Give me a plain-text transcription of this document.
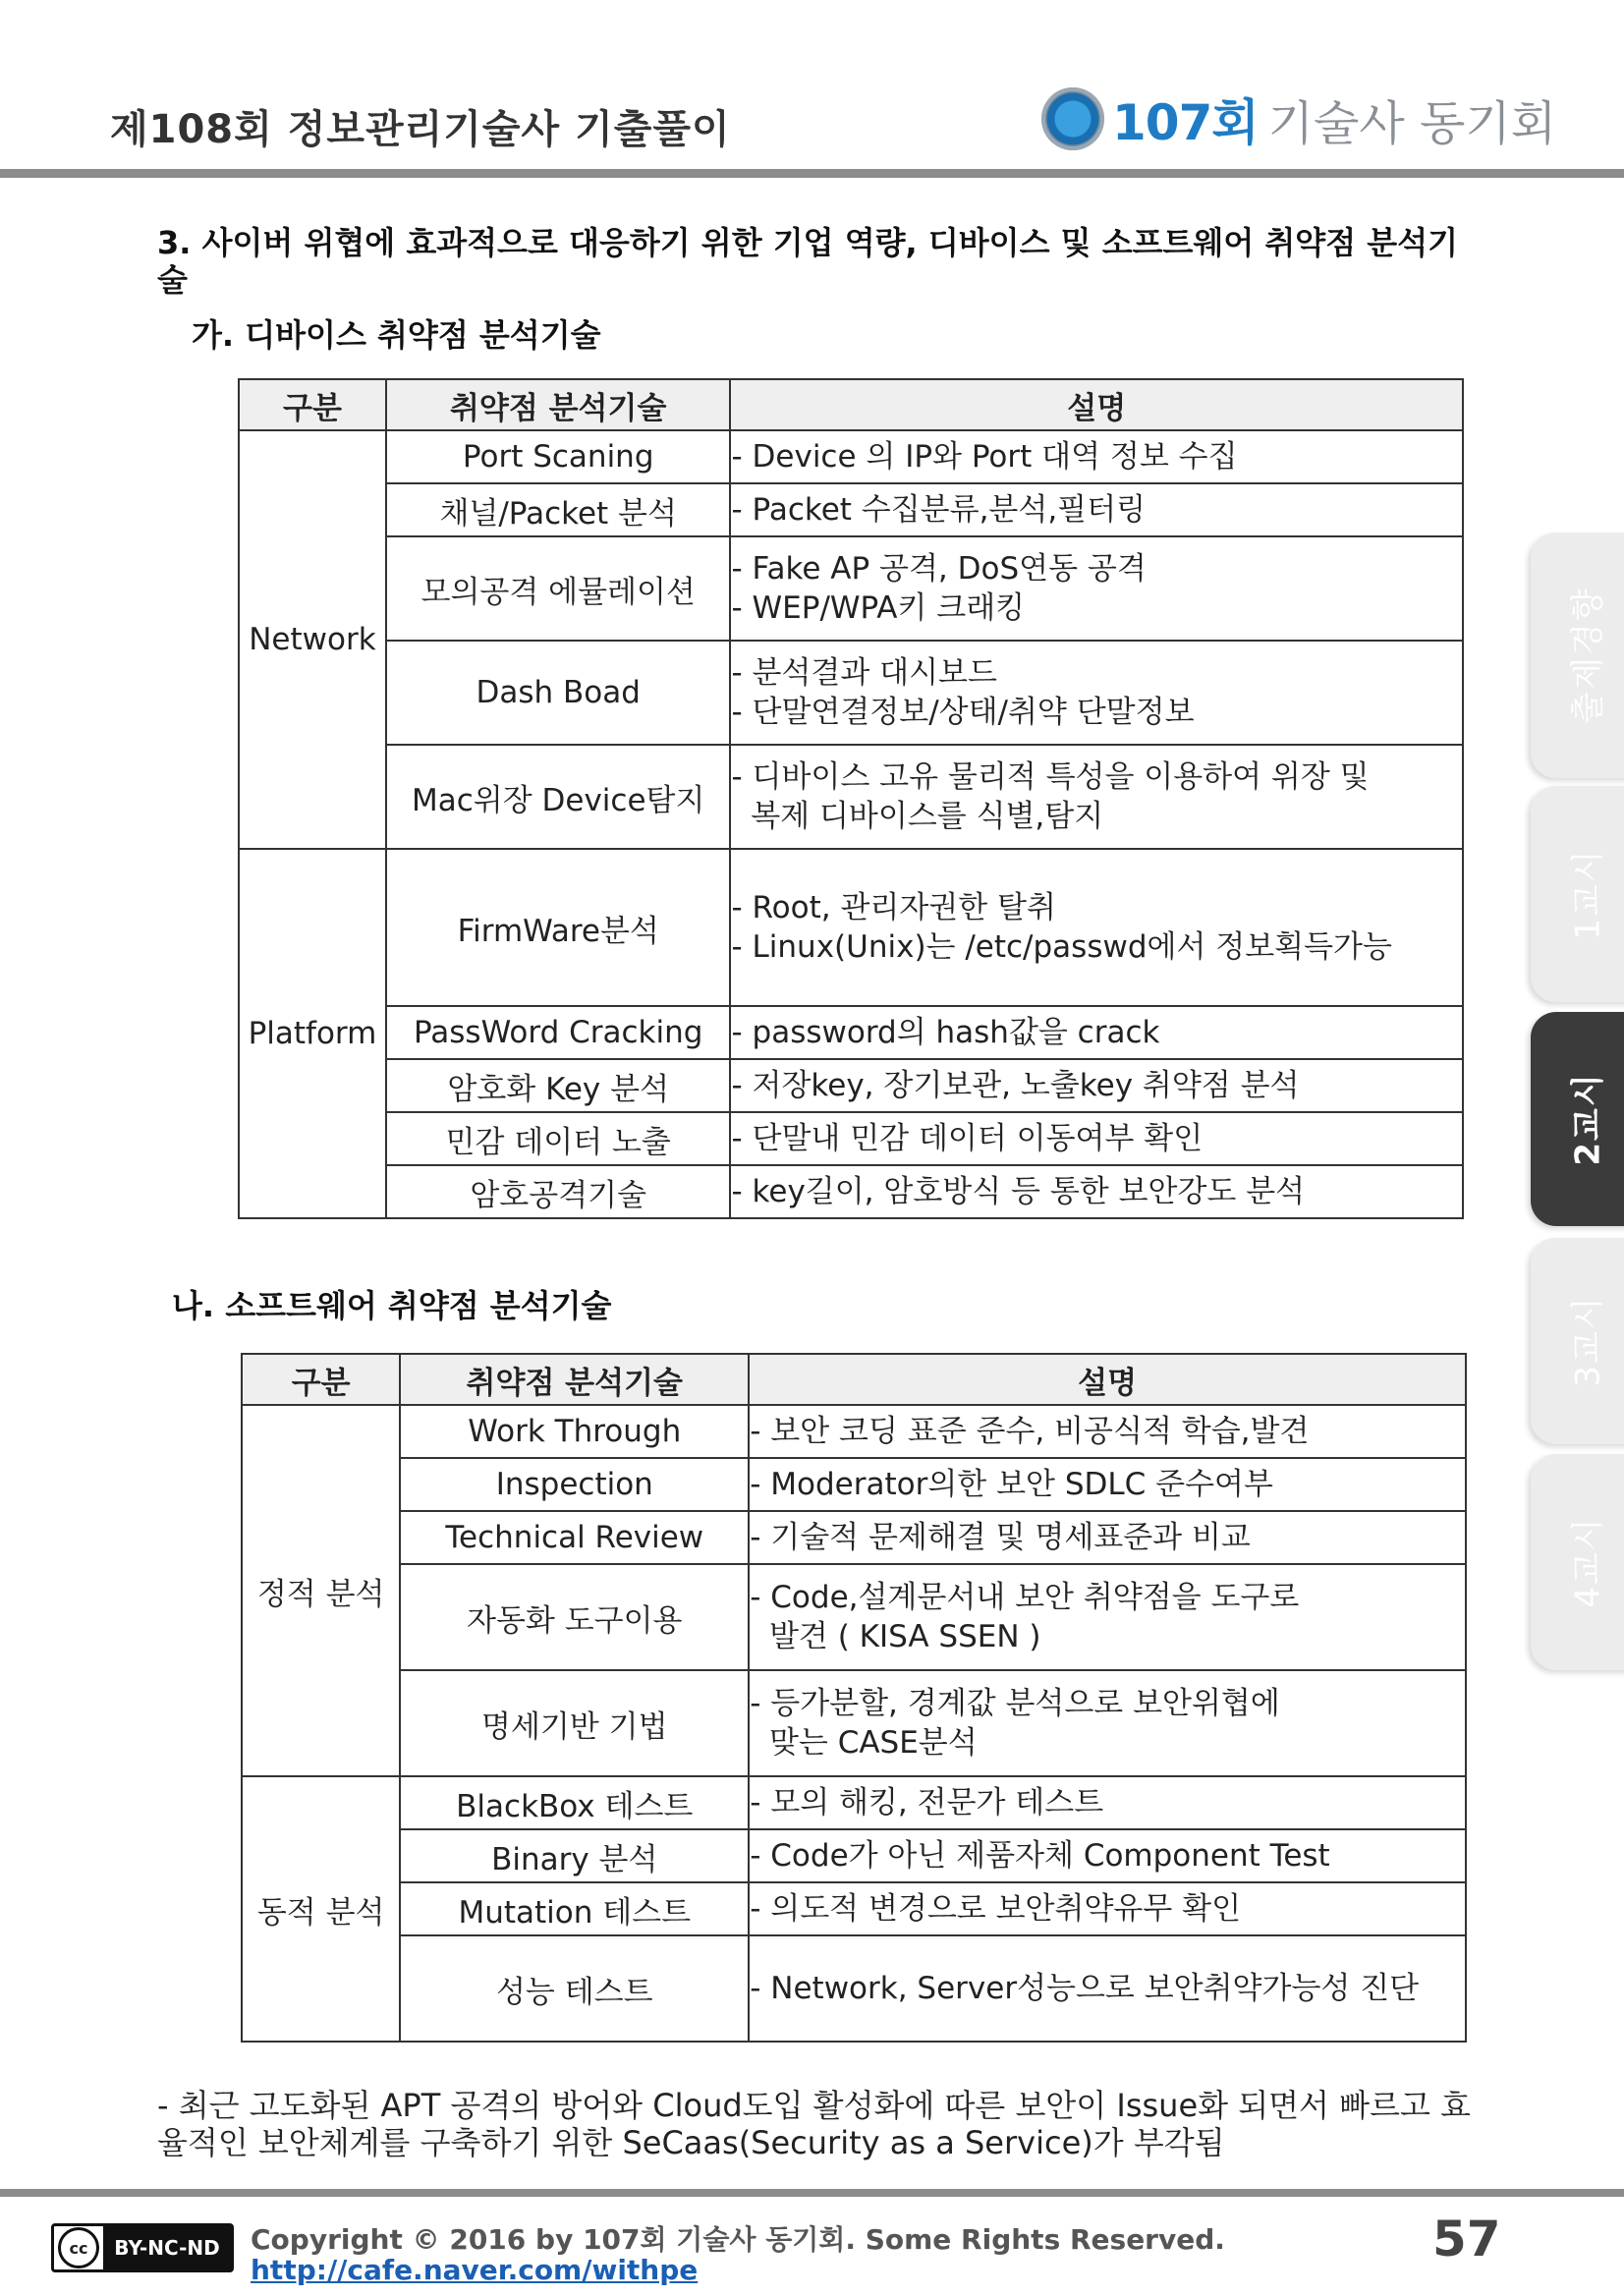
제108회 정보관리기술사 기출풀이	107회 기술사 동기회
3. 사이버 위협에 효과적으로 대응하기 위한 기업 역량, 디바이스 및 소프트웨어 취약점 분석기술
가. 디바이스 취약점 분석기술
구분	취약점 분석기술	설명
Network	Port Scaning	- Device 의 IP와 Port 대역 정보 수집

	채널/Packet 분석	- Packet 수집분류,분석,필터링

	모의공격 에뮬레이션	- Fake AP 공격, DoS연동 공격
- WEP/WPA키 크래킹

	Dash Boad	- 분석결과 대시보드
- 단말연결정보/상태/취약 단말정보

	Mac위장 Device탐지	- 디바이스 고유 물리적 특성을 이용하여 위장 및
복제 디바이스를 식별,탐지

Platform	FirmWare분석	- Root, 관리자권한 탈취
- Linux(Unix)는 /etc/passwd에서 정보획득가능

	PassWord Cracking	- password의 hash값을 crack

	암호화 Key 분석	- 저장key, 장기보관, 노출key 취약점 분석

	민감 데이터 노출	- 단말내 민감 데이터 이동여부 확인

	암호공격기술	- key길이, 암호방식 등 통한 보안강도 분석
나. 소프트웨어 취약점 분석기술
구분	취약점 분석기술	설명
정적 분석	Work Through	- 보안 코딩 표준 준수, 비공식적 학습,발견

	Inspection	- Moderator의한 보안 SDLC 준수여부

	Technical Review	- 기술적 문제해결 및 명세표준과 비교

	자동화 도구이용	- Code,설계문서내 보안 취약점을 도구로
발견 ( KISA SSEN )

	명세기반 기법	- 등가분할, 경계값 분석으로 보안위협에
맞는 CASE분석

동적 분석	BlackBox 테스트	- 모의 해킹, 전문가 테스트

	Binary 분석	- Code가 아닌 제품자체 Component Test

	Mutation 테스트	- 의도적 변경으로 보안취약유무 확인

	성능 테스트	- Network, Server성능으로 보안취약가능성 진단
- 최근 고도화된 APT 공격의 방어와 Cloud도입 활성화에 따른 보안이 Issue화 되면서 빠르고 효율적인 보안체계를 구축하기 위한 SeCaas(Security as a Service)가 부각됨
출제경향
1교시
2교시
3교시
4교시
cc	BY-NC-ND	Copyright © 2016 by 107회 기술사 동기회. Some Rights Reserved.
http://cafe.naver.com/withpe
57
